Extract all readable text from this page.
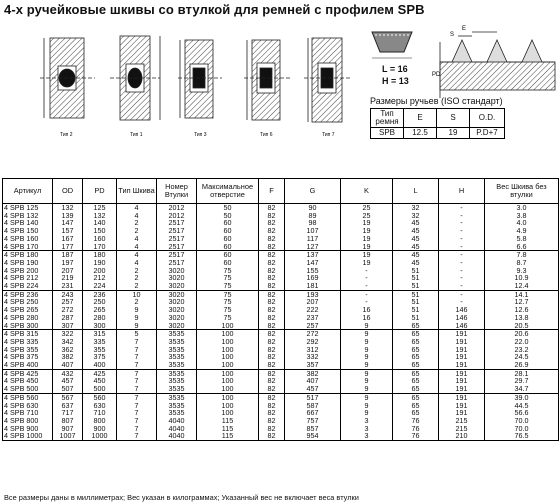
4-х ручейковые шкивы со втулкой для ремней с профилем SPB
Тип 2	Тип 1	Тип 3	Тип 6	Тип 7
E
S
PD
L = 16
H = 13
Размеры ручьев (ISO стандарт)
Тип ремня	E	S	O.D.
SPB	12.5	19	P.D+7
Артикул	OD	PD	Тип Шкива	Номер Втулки	Максимальное отверстие	F	G	K	L	H	Вес Шкива без втулки
4 SPB 125	132	125	4	2012	50	82	90	25	32	-	3.0
4 SPB 132	139	132	4	2012	50	82	89	25	32	-	3.8
4 SPB 140	147	140	2	2517	60	82	98	19	45	-	4.0
4 SPB 150	157	150	2	2517	60	82	107	19	45	-	4.9
4 SPB 160	167	160	4	2517	60	82	117	19	45	-	5.8
4 SPB 170	177	170	4	2517	60	82	127	19	45	-	6.6
4 SPB 180	187	180	4	2517	60	82	137	19	45	-	7.8
4 SPB 190	197	190	4	2517	60	82	147	19	45	-	8.7
4 SPB 200	207	200	2	3020	75	82	155	-	51	-	9.3
4 SPB 212	219	212	2	3020	75	82	169	-	51	-	10.9
4 SPB 224	231	224	2	3020	75	82	181	-	51	-	12.4
4 SPB 236	243	236	10	3020	75	82	193	-	51	-	14.1
4 SPB 250	257	250	2	3020	75	82	207	-	51	-	12.7
4 SPB 265	272	265	9	3020	75	82	222	16	51	146	12.6
4 SPB 280	287	280	9	3020	75	82	237	16	51	146	13.8
4 SPB 300	307	300	9	3020	100	82	257	9	65	146	20.5
4 SPB 315	322	315	5	3535	100	82	272	9	65	191	20.6
4 SPB 335	342	335	7	3535	100	82	292	9	65	191	22.0
4 SPB 355	362	355	7	3535	100	82	312	9	65	191	23.2
4 SPB 375	382	375	7	3535	100	82	332	9	65	191	24.5
4 SPB 400	407	400	7	3535	100	82	357	9	65	191	26.9
4 SPB 425	432	425	7	3535	100	82	382	9	65	191	28.1
4 SPB 450	457	450	7	3535	100	82	407	9	65	191	29.7
4 SPB 500	507	500	7	3535	100	82	457	9	65	191	34.7
4 SPB 560	567	560	7	3535	100	82	517	9	65	191	39.0
4 SPB 630	637	630	7	3535	100	82	587	9	65	191	44.5
4 SPB 710	717	710	7	3535	100	82	667	9	65	191	56.6
4 SPB 800	807	800	7	4040	115	82	757	3	76	215	70.0
4 SPB 900	907	900	7	4040	115	82	857	3	76	215	70.0
4 SPB 1000	1007	1000	7	4040	115	82	954	3	76	210	76.5
Все размеры даны в миллиметрах; Вес указан в килограммах; Указанный вес не включает веса втулки
